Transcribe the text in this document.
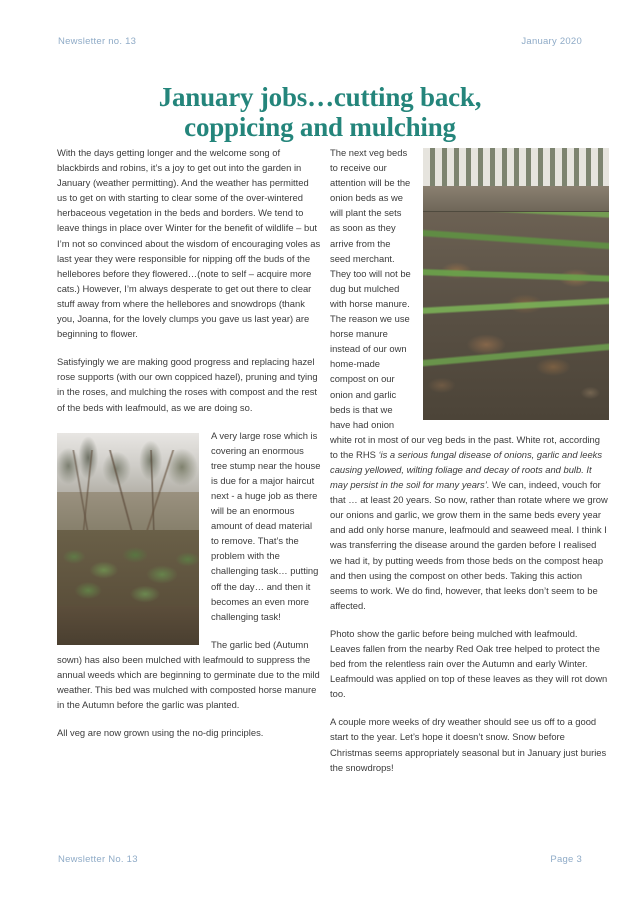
Newsletter no. 13	January 2020
January jobs…cutting back,
coppicing and mulching

With the days getting longer and the welcome song of blackbirds and robins, it’s a joy to get out into the garden in January (weather permitting). And the weather has permitted us to get on with starting to clear some of the over-wintered herbaceous vegetation in the beds and borders. We tend to leave things in place over Winter for the benefit of wildlife – but I’m not so convinced about the wisdom of encouraging voles as last year they were responsible for nipping off the buds of the hellebores before they flowered…(note to self – acquire more cats.) However, I’m always desperate to get out there to clear stuff away from where the hellebores and snowdrops (thank you, Joanna, for the lovely clumps you gave us last year) are beginning to flower.

Satisfyingly we are making good progress and replacing hazel rose supports (with our own coppiced hazel), pruning and tying in the roses, and mulching the roses with compost and the rest of the beds with leafmould, as we are doing so.

A very large rose which is covering an enormous tree stump near the house is due for a major haircut next - a huge job as there will be an enormous amount of dead material to remove. That’s the problem with the challenging task… putting off the day… and then it becomes an even more challenging task!

The garlic bed (Autumn sown) has also been mulched with leafmould to suppress the annual weeds which are beginning to germinate due to the mild weather. This bed was mulched with composted horse manure in the Autumn before the garlic was planted.

All veg are now grown using the no-dig principles.

The next veg beds to receive our attention will be the onion beds as we will plant the sets as soon as they arrive from the seed merchant. They too will not be dug but mulched with horse manure. The reason we use horse manure instead of our own home-made compost on our onion and garlic beds is that we have had onion white rot in most of our veg beds in the past. White rot, according to the RHS ‘is a serious fungal disease of onions, garlic and leeks causing yellowed, wilting foliage and decay of roots and bulb. It may persist in the soil for many years’. We can, indeed, vouch for that … at least 20 years. So now, rather than rotate where we grow our onions and garlic, we grow them in the same beds every year and add only horse manure, leafmould and seaweed meal. I think I was transferring the disease around the garden before I realised we had it, by putting weeds from those beds on the compost heap and then using the compost on other beds. Taking this action seems to work. We do find, however, that leeks don’t seem to be affected.

Photo show the garlic before being mulched with leafmould. Leaves fallen from the nearby Red Oak tree helped to protect the bed from the relentless rain over the Autumn and early Winter. Leafmould was applied on top of these leaves as they will rot down too.

A couple more weeks of dry weather should see us off to a good start to the year. Let’s hope it doesn’t snow. Snow before Christmas seems appropriately seasonal but in January just buries the snowdrops!

Newsletter No. 13	Page 3
